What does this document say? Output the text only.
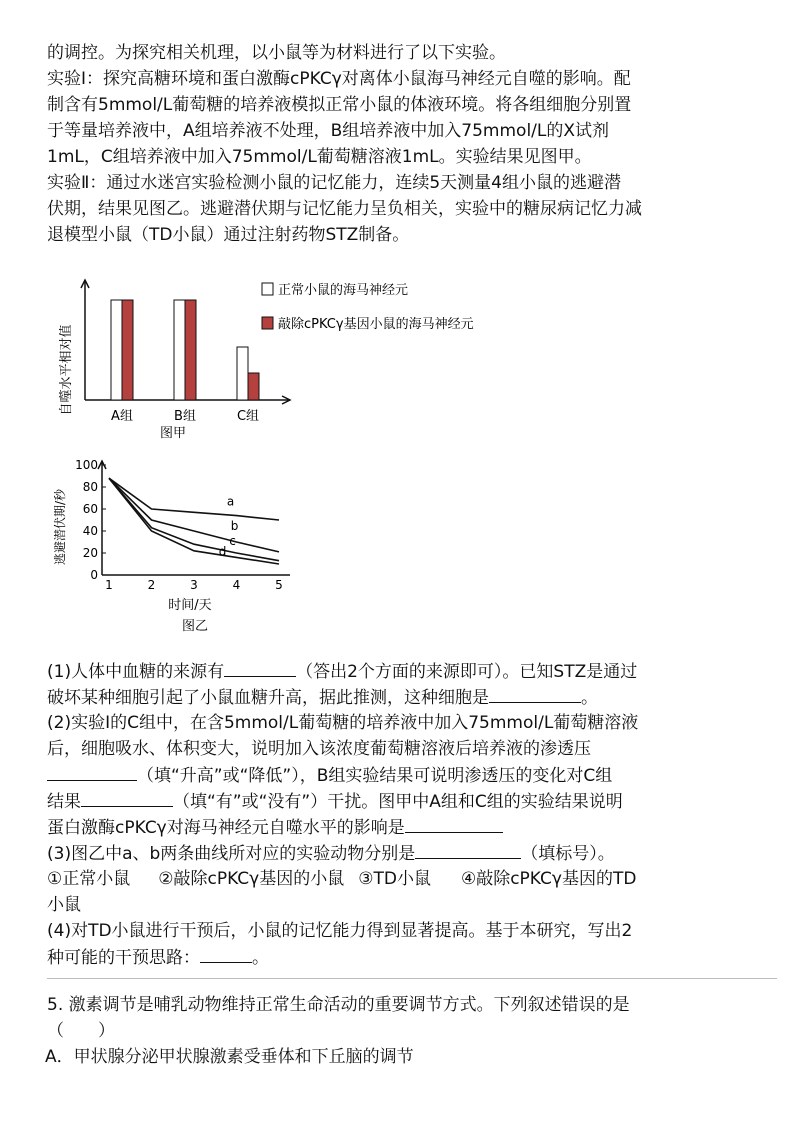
的调控。为探究相关机理，以小鼠等为材料进行了以下实验。
实验Ⅰ：探究高糖环境和蛋白激酶cPKCγ对离体小鼠海马神经元自噬的影响。配
制含有5mmol/L葡萄糖的培养液模拟正常小鼠的体液环境。将各组细胞分别置
于等量培养液中，A组培养液不处理，B组培养液中加入75mmol/L的X试剂
1mL，C组培养液中加入75mmol/L葡萄糖溶液1mL。实验结果见图甲。
实验Ⅱ：通过水迷宫实验检测小鼠的记忆能力，连续5天测量4组小鼠的逃避潜
伏期，结果见图乙。逃避潜伏期与记忆能力呈负相关，实验中的糖尿病记忆力减
退模型小鼠（TD小鼠）通过注射药物STZ制备。
自噬水平相对值
A组	B组	C组
图甲
正常小鼠的海马神经元
敲除cPKCγ基因小鼠的海马神经元
逃避潜伏期/秒
0
20
40
60
80
100
1	2	3	4	5
a
b
c
d
时间/天
图乙
(1)人体中血糖的来源有	（答出2个方面的来源即可）。已知STZ是通过
破坏某种细胞引起了小鼠血糖升高，据此推测，这种细胞是	。
(2)实验Ⅰ的C组中，在含5mmol/L葡萄糖的培养液中加入75mmol/L葡萄糖溶液
后，细胞吸水、体积变大，说明加入该浓度葡萄糖溶液后培养液的渗透压
（填“升高”或“降低”），B组实验结果可说明渗透压的变化对C组
结果	（填“有”或“没有”）干扰。图甲中A组和C组的实验结果说明
蛋白激酶cPKCγ对海马神经元自噬水平的影响是
(3)图乙中a、b两条曲线所对应的实验动物分别是	（填标号）。
①正常小鼠 ②敲除cPKCγ基因的小鼠 ③TD小鼠 ④敲除cPKCγ基因的TD
小鼠
(4)对TD小鼠进行干预后，小鼠的记忆能力得到显著提高。基于本研究，写出2
种可能的干预思路：	。
5. 激素调节是哺乳动物维持正常生命活动的重要调节方式。下列叙述错误的是
（　　）
A．甲状腺分泌甲状腺激素受垂体和下丘脑的调节
